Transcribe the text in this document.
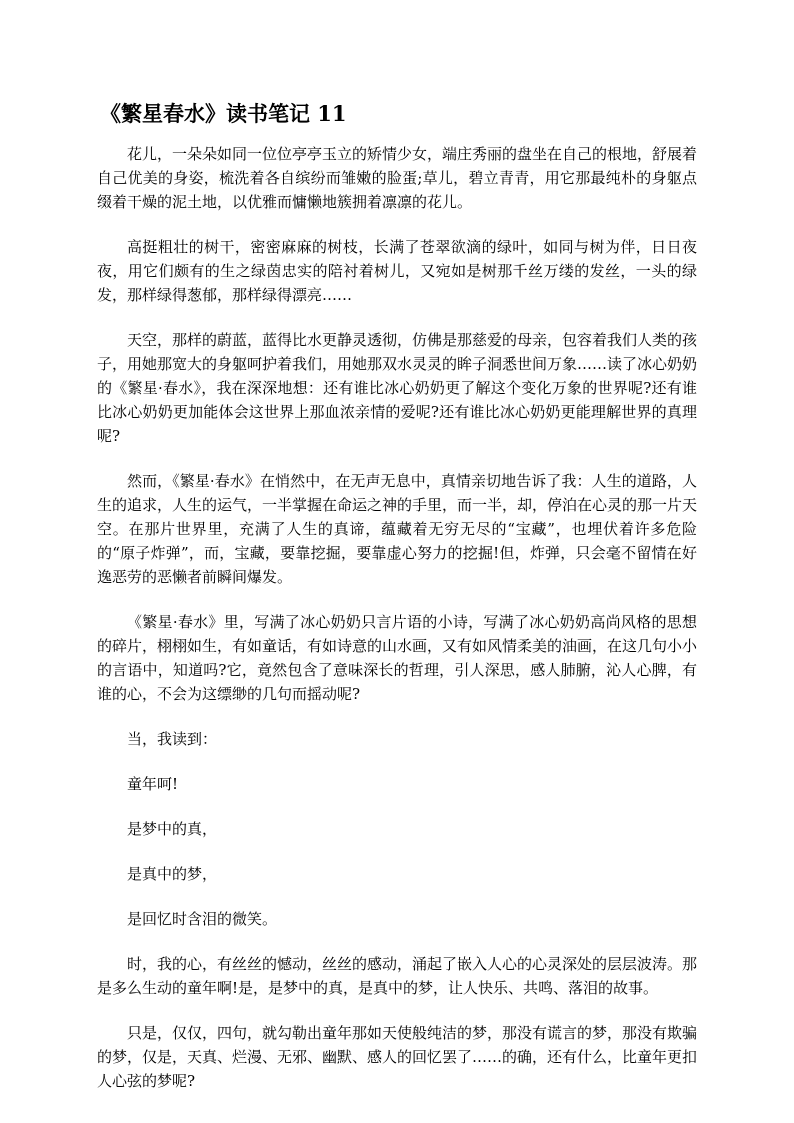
《繁星春水》读书笔记 11

花儿，一朵朵如同一位位亭亭玉立的矫情少女，端庄秀丽的盘坐在自己的根地，舒展着自己优美的身姿，梳洗着各自缤纷而雏嫩的脸蛋;草儿，碧立青青，用它那最纯朴的身躯点缀着干燥的泥土地，以优雅而慵懒地簇拥着凛凛的花儿。

高挺粗壮的树干，密密麻麻的树枝，长满了苍翠欲滴的绿叶，如同与树为伴，日日夜夜，用它们颇有的生之绿茵忠实的陪衬着树儿，又宛如是树那千丝万缕的发丝，一头的绿发，那样绿得葱郁，那样绿得漂亮……

天空，那样的蔚蓝，蓝得比水更静灵透彻，仿佛是那慈爱的母亲，包容着我们人类的孩子，用她那宽大的身躯呵护着我们，用她那双水灵灵的眸子洞悉世间万象……读了冰心奶奶的《繁星·春水》，我在深深地想：还有谁比冰心奶奶更了解这个变化万象的世界呢?还有谁比冰心奶奶更加能体会这世界上那血浓亲情的爱呢?还有谁比冰心奶奶更能理解世界的真理呢?

然而，《繁星·春水》在悄然中，在无声无息中，真情亲切地告诉了我：人生的道路，人生的追求，人生的运气，一半掌握在命运之神的手里，而一半，却，停泊在心灵的那一片天空。在那片世界里，充满了人生的真谛，蕴藏着无穷无尽的“宝藏”，也埋伏着许多危险的“原子炸弹”，而，宝藏，要靠挖掘，要靠虚心努力的挖掘!但，炸弹，只会毫不留情在好逸恶劳的恶懒者前瞬间爆发。

《繁星·春水》里，写满了冰心奶奶只言片语的小诗，写满了冰心奶奶高尚风格的思想的碎片，栩栩如生，有如童话，有如诗意的山水画，又有如风情柔美的油画，在这几句小小的言语中，知道吗?它，竟然包含了意味深长的哲理，引人深思，感人肺腑，沁人心脾，有谁的心，不会为这缥缈的几句而摇动呢?

当，我读到：

童年呵!

是梦中的真，

是真中的梦，

是回忆时含泪的微笑。

时，我的心，有丝丝的憾动，丝丝的感动，涌起了嵌入人心的心灵深处的层层波涛。那是多么生动的童年啊!是，是梦中的真，是真中的梦，让人快乐、共鸣、落泪的故事。

只是，仅仅，四句，就勾勒出童年那如天使般纯洁的梦，那没有谎言的梦，那没有欺骗的梦，仅是，天真、烂漫、无邪、幽默、感人的回忆罢了……的确，还有什么，比童年更扣人心弦的梦呢?
